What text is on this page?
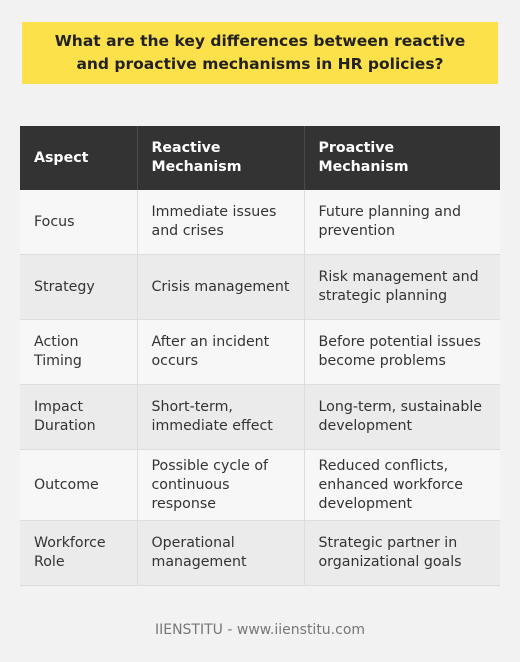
What are the key differences between reactive and proactive mechanisms in HR policies?
Aspect	Reactive Mechanism	Proactive Mechanism
Focus	Immediate issues and crises	Future planning and prevention
Strategy	Crisis management	Risk management and strategic planning
Action Timing	After an incident occurs	Before potential issues become problems
Impact Duration	Short-term, immediate effect	Long-term, sustainable development
Outcome	Possible cycle of continuous response	Reduced conflicts, enhanced workforce development
Workforce Role	Operational management	Strategic partner in organizational goals
IIENSTITU - www.iienstitu.com
